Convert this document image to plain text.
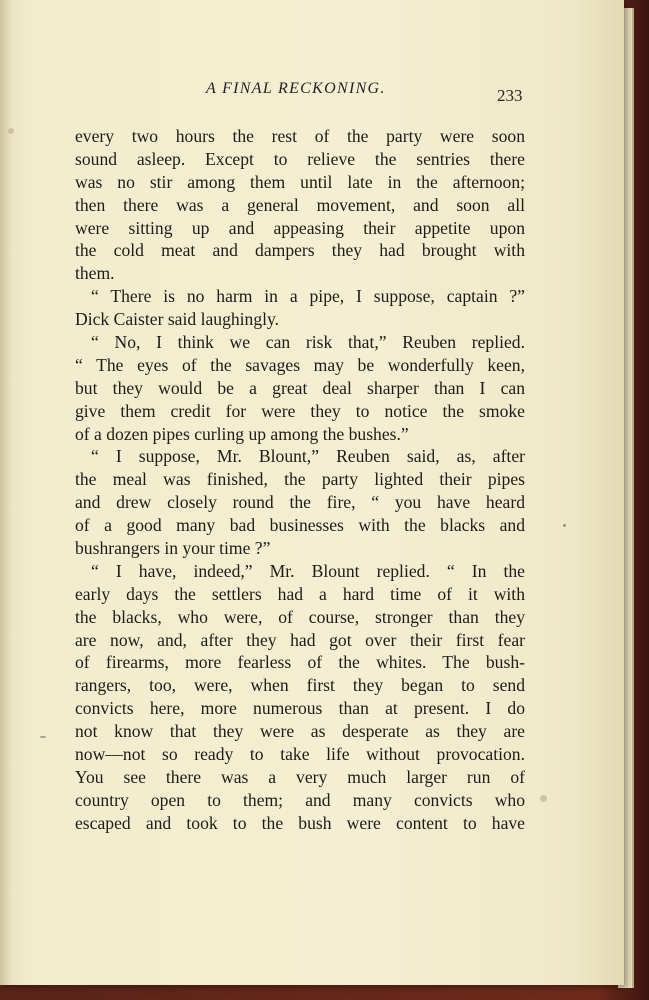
A FINAL RECKONING.	233
every two hours the rest of the party were soon
sound asleep. Except to relieve the sentries there
was no stir among them until late in the afternoon;
then there was a general movement, and soon all
were sitting up and appeasing their appetite upon
the cold meat and dampers they had brought with
them.
“ There is no harm in a pipe, I suppose, captain ?”
Dick Caister said laughingly.
“ No, I think we can risk that,” Reuben replied.
“ The eyes of the savages may be wonderfully keen,
but they would be a great deal sharper than I can
give them credit for were they to notice the smoke
of a dozen pipes curling up among the bushes.”
“ I suppose, Mr. Blount,” Reuben said, as, after
the meal was finished, the party lighted their pipes
and drew closely round the fire, “ you have heard
of a good many bad businesses with the blacks and
bushrangers in your time ?”
“ I have, indeed,” Mr. Blount replied. “ In the
early days the settlers had a hard time of it with
the blacks, who were, of course, stronger than they
are now, and, after they had got over their first fear
of firearms, more fearless of the whites. The bush-
rangers, too, were, when first they began to send
convicts here, more numerous than at present. I do
not know that they were as desperate as they are
now—not so ready to take life without provocation.
You see there was a very much larger run of
country open to them; and many convicts who
escaped and took to the bush were content to have
